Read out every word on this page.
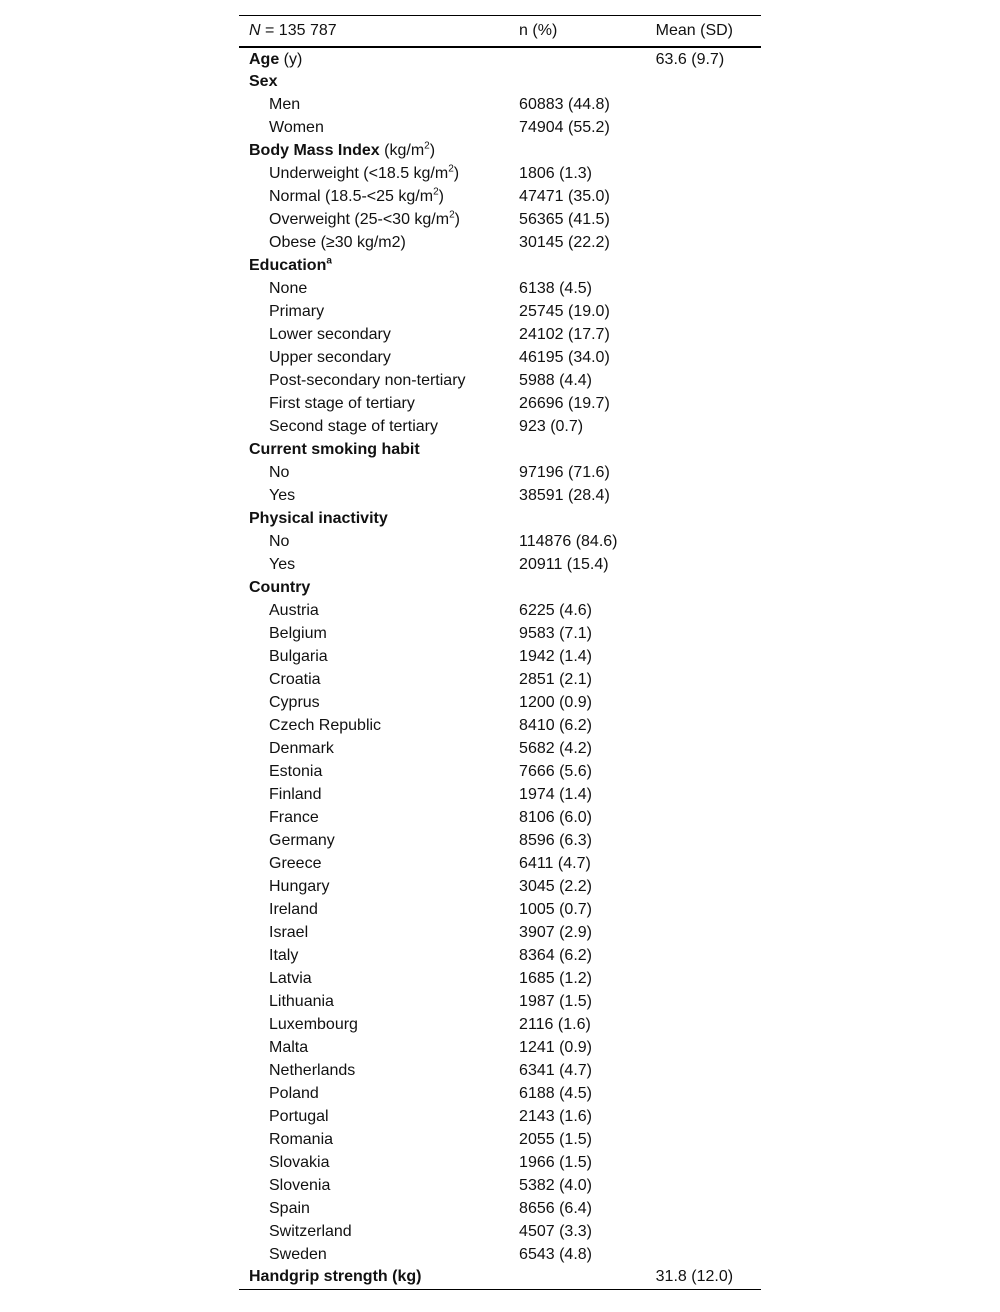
N = 135 787	n (%)	Mean (SD)
Age (y)		63.6 (9.7)
Sex		
Men	60883 (44.8)	
Women	74904 (55.2)	
Body Mass Index $(kg/m^2)$		
Underweight (<18.5 $kg/m^2$)	1806 (1.3)	
Normal (18.5-<25 $kg/m^2$)	47471 (35.0)	
Overweight (25-<30 $kg/m^2$)	56365 (41.5)	
Obese (≥30 kg/m2)	30145 (22.2)	
Education$^a$		
None	6138 (4.5)	
Primary	25745 (19.0)	
Lower secondary	24102 (17.7)	
Upper secondary	46195 (34.0)	
Post-secondary non-tertiary	5988 (4.4)	
First stage of tertiary	26696 (19.7)	
Second stage of tertiary	923 (0.7)	
Current smoking habit		
No	97196 (71.6)	
Yes	38591 (28.4)	
Physical inactivity		
No	114876 (84.6)	
Yes	20911 (15.4)	
Country		
Austria	6225 (4.6)	
Belgium	9583 (7.1)	
Bulgaria	1942 (1.4)	
Croatia	2851 (2.1)	
Cyprus	1200 (0.9)	
Czech Republic	8410 (6.2)	
Denmark	5682 (4.2)	
Estonia	7666 (5.6)	
Finland	1974 (1.4)	
France	8106 (6.0)	
Germany	8596 (6.3)	
Greece	6411 (4.7)	
Hungary	3045 (2.2)	
Ireland	1005 (0.7)	
Israel	3907 (2.9)	
Italy	8364 (6.2)	
Latvia	1685 (1.2)	
Lithuania	1987 (1.5)	
Luxembourg	2116 (1.6)	
Malta	1241 (0.9)	
Netherlands	6341 (4.7)	
Poland	6188 (4.5)	
Portugal	2143 (1.6)	
Romania	2055 (1.5)	
Slovakia	1966 (1.5)	
Slovenia	5382 (4.0)	
Spain	8656 (6.4)	
Switzerland	4507 (3.3)	
Sweden	6543 (4.8)	
Handgrip strength (kg)		31.8 (12.0)
